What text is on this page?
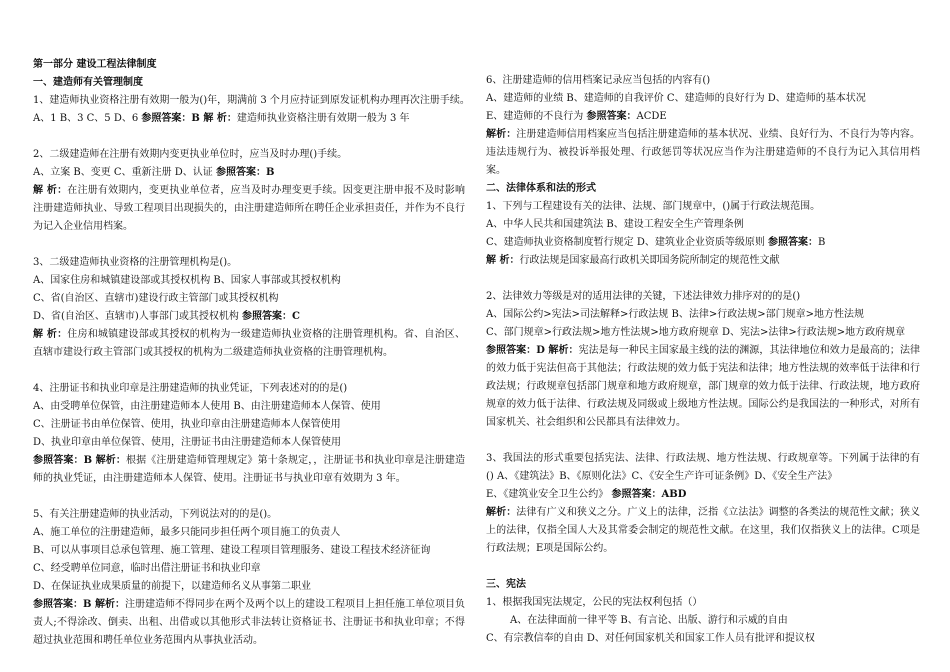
第一部分 建设工程法律制度
一、建造师有关管理制度
1、建造师执业资格注册有效期一般为()年，期满前 3 个月应持证到原发证机构办理再次注册手续。
A、1 B、3 C、5 D、6 参照答案：B 解 析：建造师执业资格注册有效期一般为 3 年
2、二级建造师在注册有效期内变更执业单位时，应当及时办理()手续。
A、立案 B、变更 C、重新注册 D、认证 参照答案：B
解 析：在注册有效期内，变更执业单位者，应当及时办理变更手续。因变更注册申报不及时影响注册建造师执业、导致工程项目出现损失的，由注册建造师所在聘任企业承担责任，并作为不良行为记入企业信用档案。
3、二级建造师执业资格的注册管理机构是()。
A、国家住房和城镇建设部或其授权机构 B、国家人事部或其授权机构
C、省(自治区、直辖市)建设行政主管部门或其授权机构
D、省(自治区、直辖市)人事部门或其授权机构 参照答案：C
解 析：住房和城镇建设部或其授权的机构为一级建造师执业资格的注册管理机构。省、自治区、直辖市建设行政主管部门或其授权的机构为二级建造师执业资格的注册管理机构。
4、注册证书和执业印章是注册建造师的执业凭证，下列表述对的的是()
A、由受聘单位保管，由注册建造师本人使用 B、由注册建造师本人保管、使用
C、注册证书由单位保管、使用，执业印章由注册建造师本人保管使用
D、执业印章由单位保管、使用，注册证书由注册建造师本人保管使用
参照答案：B 解析：根据《注册建造师管理规定》第十条规定，，注册证书和执业印章是注册建造师的执业凭证，由注册建造师本人保管、使用。注册证书与执业印章有效期为 3 年。
5、有关注册建造师的执业活动，下列说法对的的是()。
A、施工单位的注册建造师，最多只能同步担任两个项目施工的负责人
B、可以从事项目总承包管理、施工管理、建设工程项目管理服务、建设工程技术经济征询
C、经受聘单位同意，临时出借注册证书和执业印章
D、在保证执业成果质量的前提下，以建造师名义从事第二职业
参照答案：B 解析：注册建造师不得同步在两个及两个以上的建设工程项目上担任施工单位项目负责人;不得涂改、倒卖、出租、出借或以其他形式非法转让资格证书、注册证书和执业印章；不得超过执业范围和聘任单位业务范围内从事执业活动。
6、注册建造师的信用档案记录应当包括的内容有()
A、建造师的业绩 B、建造师的自我评价 C、建造师的良好行为 D、建造师的基本状况
E、建造师的不良行为 参照答案：ACDE
解析：注册建造师信用档案应当包括注册建造师的基本状况、业绩、良好行为、不良行为等内容。违法违规行为、被投诉举报处理、行政惩罚等状况应当作为注册建造师的不良行为记入其信用档案。
二、法律体系和法的形式
1、下列与工程建设有关的法律、法规、部门规章中，()属于行政法规范围。
A、中华人民共和国建筑法 B、建设工程安全生产管理条例
C、建造师执业资格制度暂行规定 D、建筑业企业资质等级原则 参照答案：B
解 析：行政法规是国家最高行政机关即国务院所制定的规范性文献
2、法律效力等级是对的适用法律的关键，下述法律效力排序对的的是()
A、国际公约>宪法>司法解释>行政法规 B、法律>行政法规>部门规章>地方性法规
C、部门规章>行政法规>地方性法规>地方政府规章 D、宪法>法律>行政法规>地方政府规章
参照答案：D 解析：宪法是每一种民主国家最主线的法的渊源，其法律地位和效力是最高的；法律的效力低于宪法但高于其他法；行政法规的效力低于宪法和法律；地方性法规的效率低于法律和行政法规；行政规章包括部门规章和地方政府规章，部门规章的效力低于法律、行政法规，地方政府规章的效力低于法律、行政法规及同级或上级地方性法规。国际公约是我国法的一种形式，对所有国家机关、社会组织和公民都具有法律效力。
3、我国法的形式重要包括宪法、法律、行政法规、地方性法规、行政规章等。下列属于法律的有() A、《建筑法》B、《原则化法》C、《安全生产许可证条例》D、《安全生产法》
E、《建筑业安全卫生公约》 参照答案：ABD
解析：法律有广义和狭义之分。广义上的法律，泛指《立法法》调整的各类法的规范性文献；狭义上的法律，仅指全国人大及其常委会制定的规范性文献。在这里，我们仅指狭义上的法律。C项是行政法规；E项是国际公约。
三、宪法
1、根据我国宪法规定，公民的宪法权利包括（）
A、在法律面前一律平等 B、有言论、出版、游行和示威的自由
C、有宗教信奉的自由 D、对任何国家机关和国家工作人员有批评和提议权
